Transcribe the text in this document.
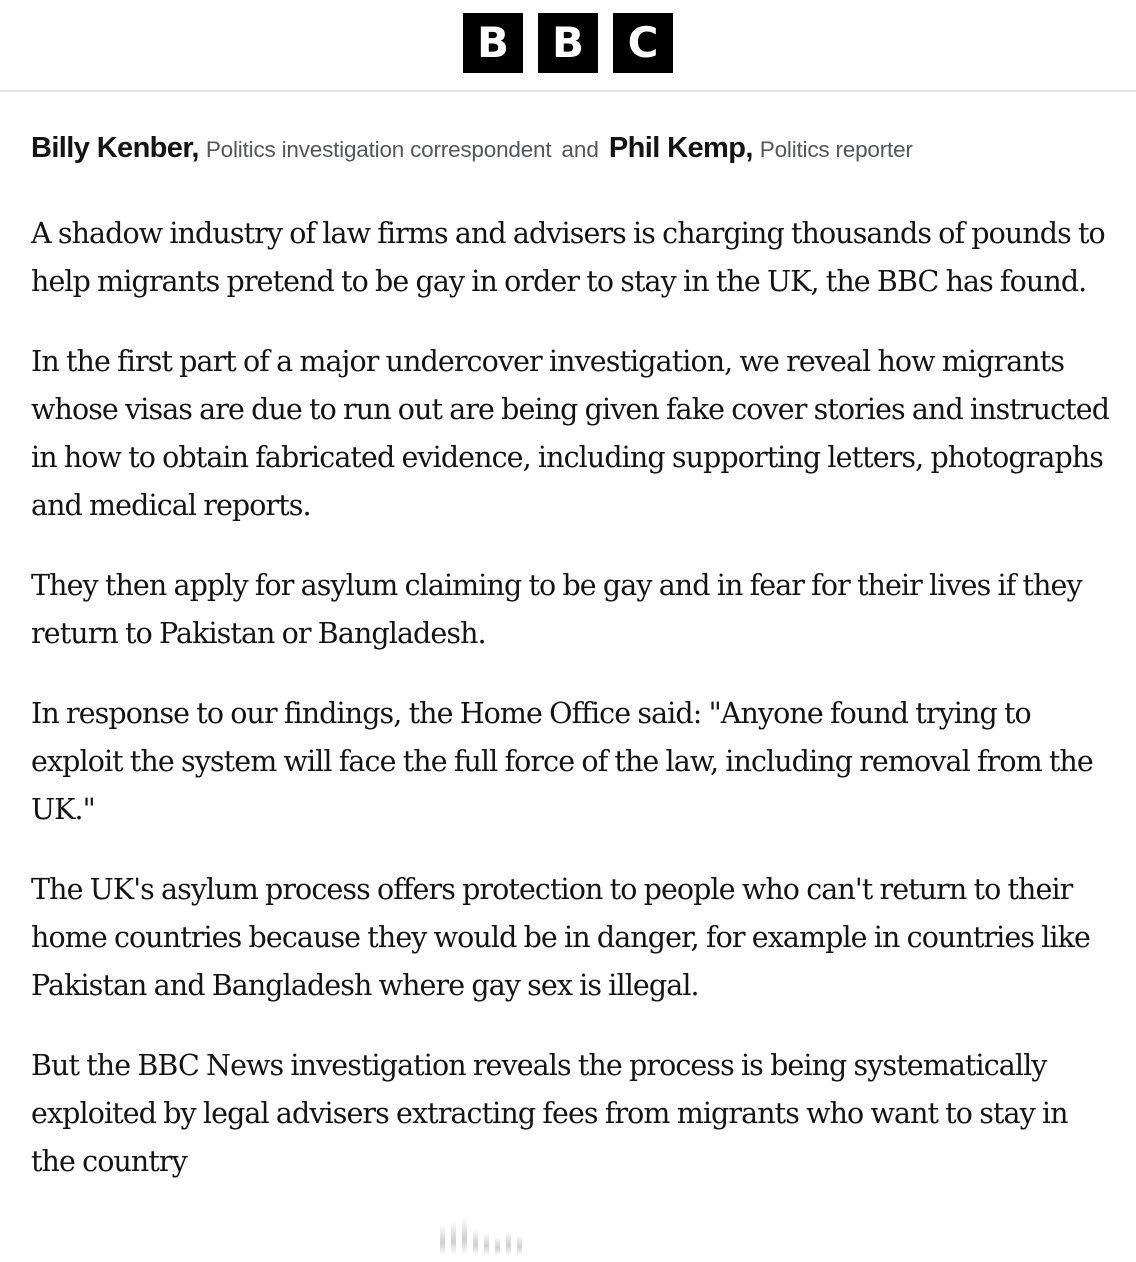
B	B	C
Billy Kenber, Politics investigation correspondent and Phil Kemp, Politics reporter

A shadow industry of law firms and advisers is charging thousands of pounds to help migrants pretend to be gay in order to stay in the UK, the BBC has found.

In the first part of a major undercover investigation, we reveal how migrants whose visas are due to run out are being given fake cover stories and instructed in how to obtain fabricated evidence, including supporting letters, photographs and medical reports.

They then apply for asylum claiming to be gay and in fear for their lives if they return to Pakistan or Bangladesh.

In response to our findings, the Home Office said: "Anyone found trying to exploit the system will face the full force of the law, including removal from the UK."

The UK's asylum process offers protection to people who can't return to their home countries because they would be in danger, for example in countries like Pakistan and Bangladesh where gay sex is illegal.

But the BBC News investigation reveals the process is being systematically exploited by legal advisers extracting fees from migrants who want to stay in the country
